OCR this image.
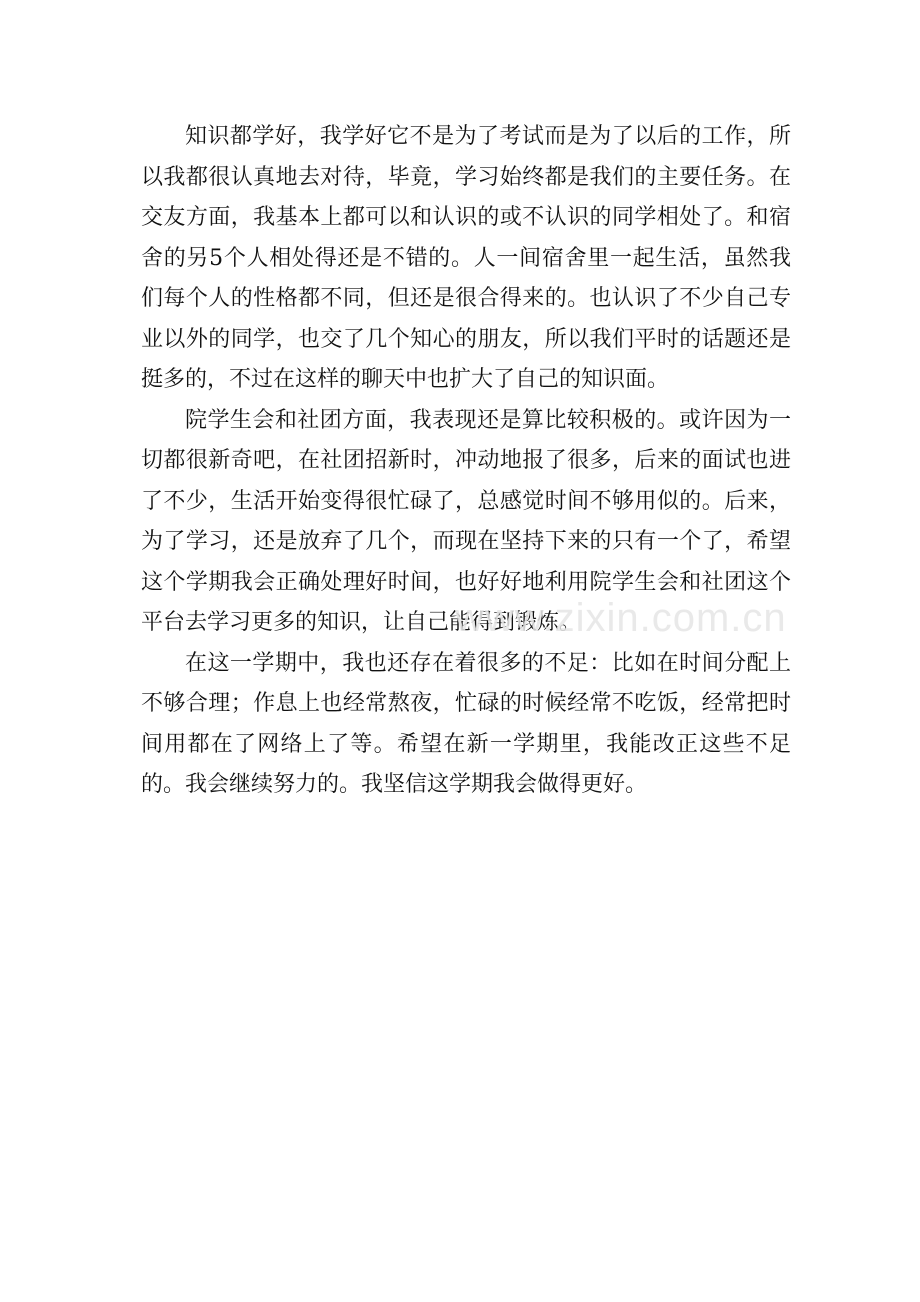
知识都学好，我学好它不是为了考试而是为了以后的工作，所以我都很认真地去对待，毕竟，学习始终都是我们的主要任务。在交友方面，我基本上都可以和认识的或不认识的同学相处了。和宿舍的另5个人相处得还是不错的。人一间宿舍里一起生活，虽然我们每个人的性格都不同，但还是很合得来的。也认识了不少自己专业以外的同学，也交了几个知心的朋友，所以我们平时的话题还是挺多的，不过在这样的聊天中也扩大了自己的知识面。

院学生会和社团方面，我表现还是算比较积极的。或许因为一切都很新奇吧，在社团招新时，冲动地报了很多，后来的面试也进了不少，生活开始变得很忙碌了，总感觉时间不够用似的。后来，为了学习，还是放弃了几个，而现在坚持下来的只有一个了，希望这个学期我会正确处理好时间，也好好地利用院学生会和社团这个平台去学习更多的知识，让自己能得到锻炼。

在这一学期中，我也还存在着很多的不足：比如在时间分配上不够合理；作息上也经常熬夜，忙碌的时候经常不吃饭，经常把时间用都在了网络上了等。希望在新一学期里，我能改正这些不足的。我会继续努力的。我坚信这学期我会做得更好。

www.zixin.com.cn
